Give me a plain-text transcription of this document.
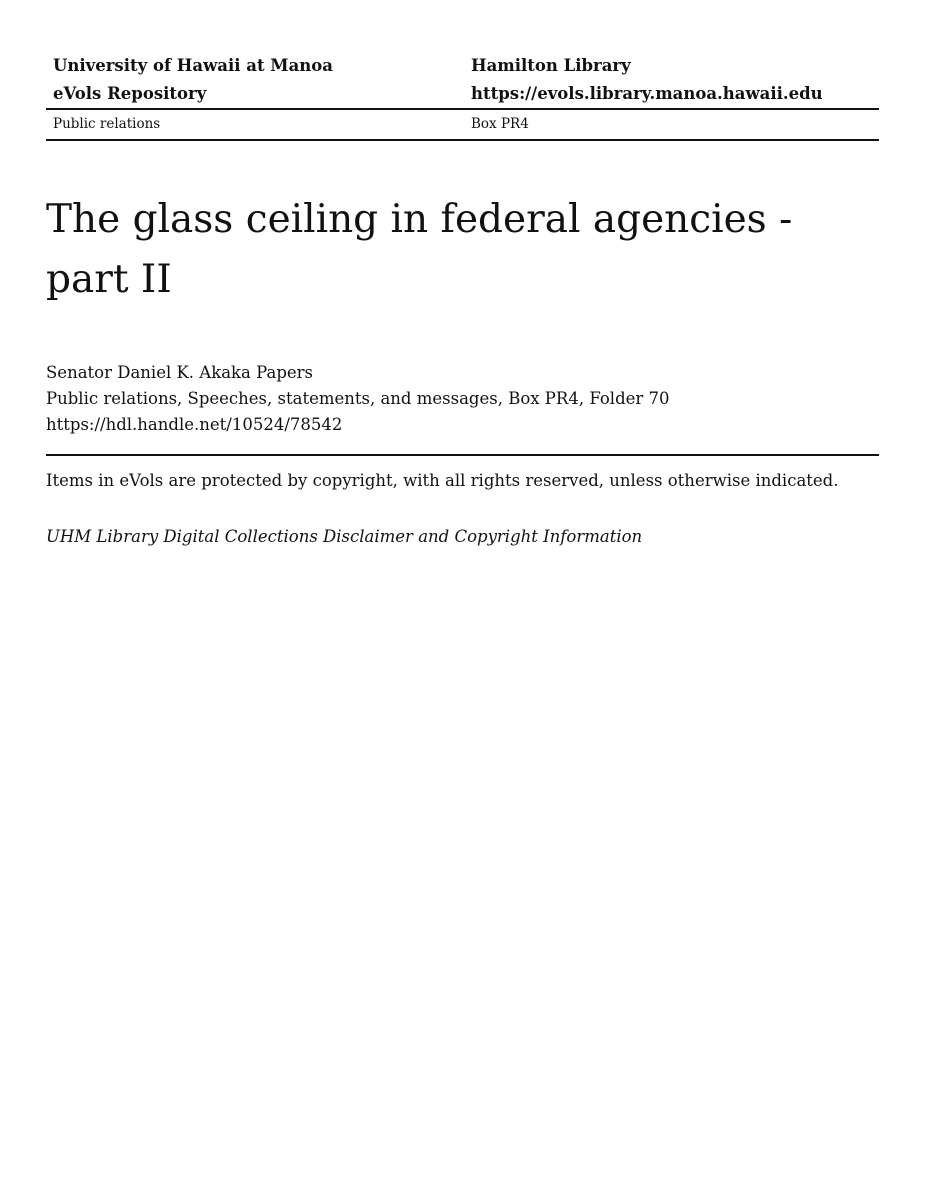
University of Hawaii at Manoa	Hamilton Library
eVols Repository	https://evols.library.manoa.hawaii.edu
Public relations	Box PR4
The glass ceiling in federal agencies - part II
Senator Daniel K. Akaka Papers
Public relations, Speeches, statements, and messages, Box PR4, Folder 70
https://hdl.handle.net/10524/78542
Items in eVols are protected by copyright, with all rights reserved, unless otherwise indicated.
UHM Library Digital Collections Disclaimer and Copyright Information
